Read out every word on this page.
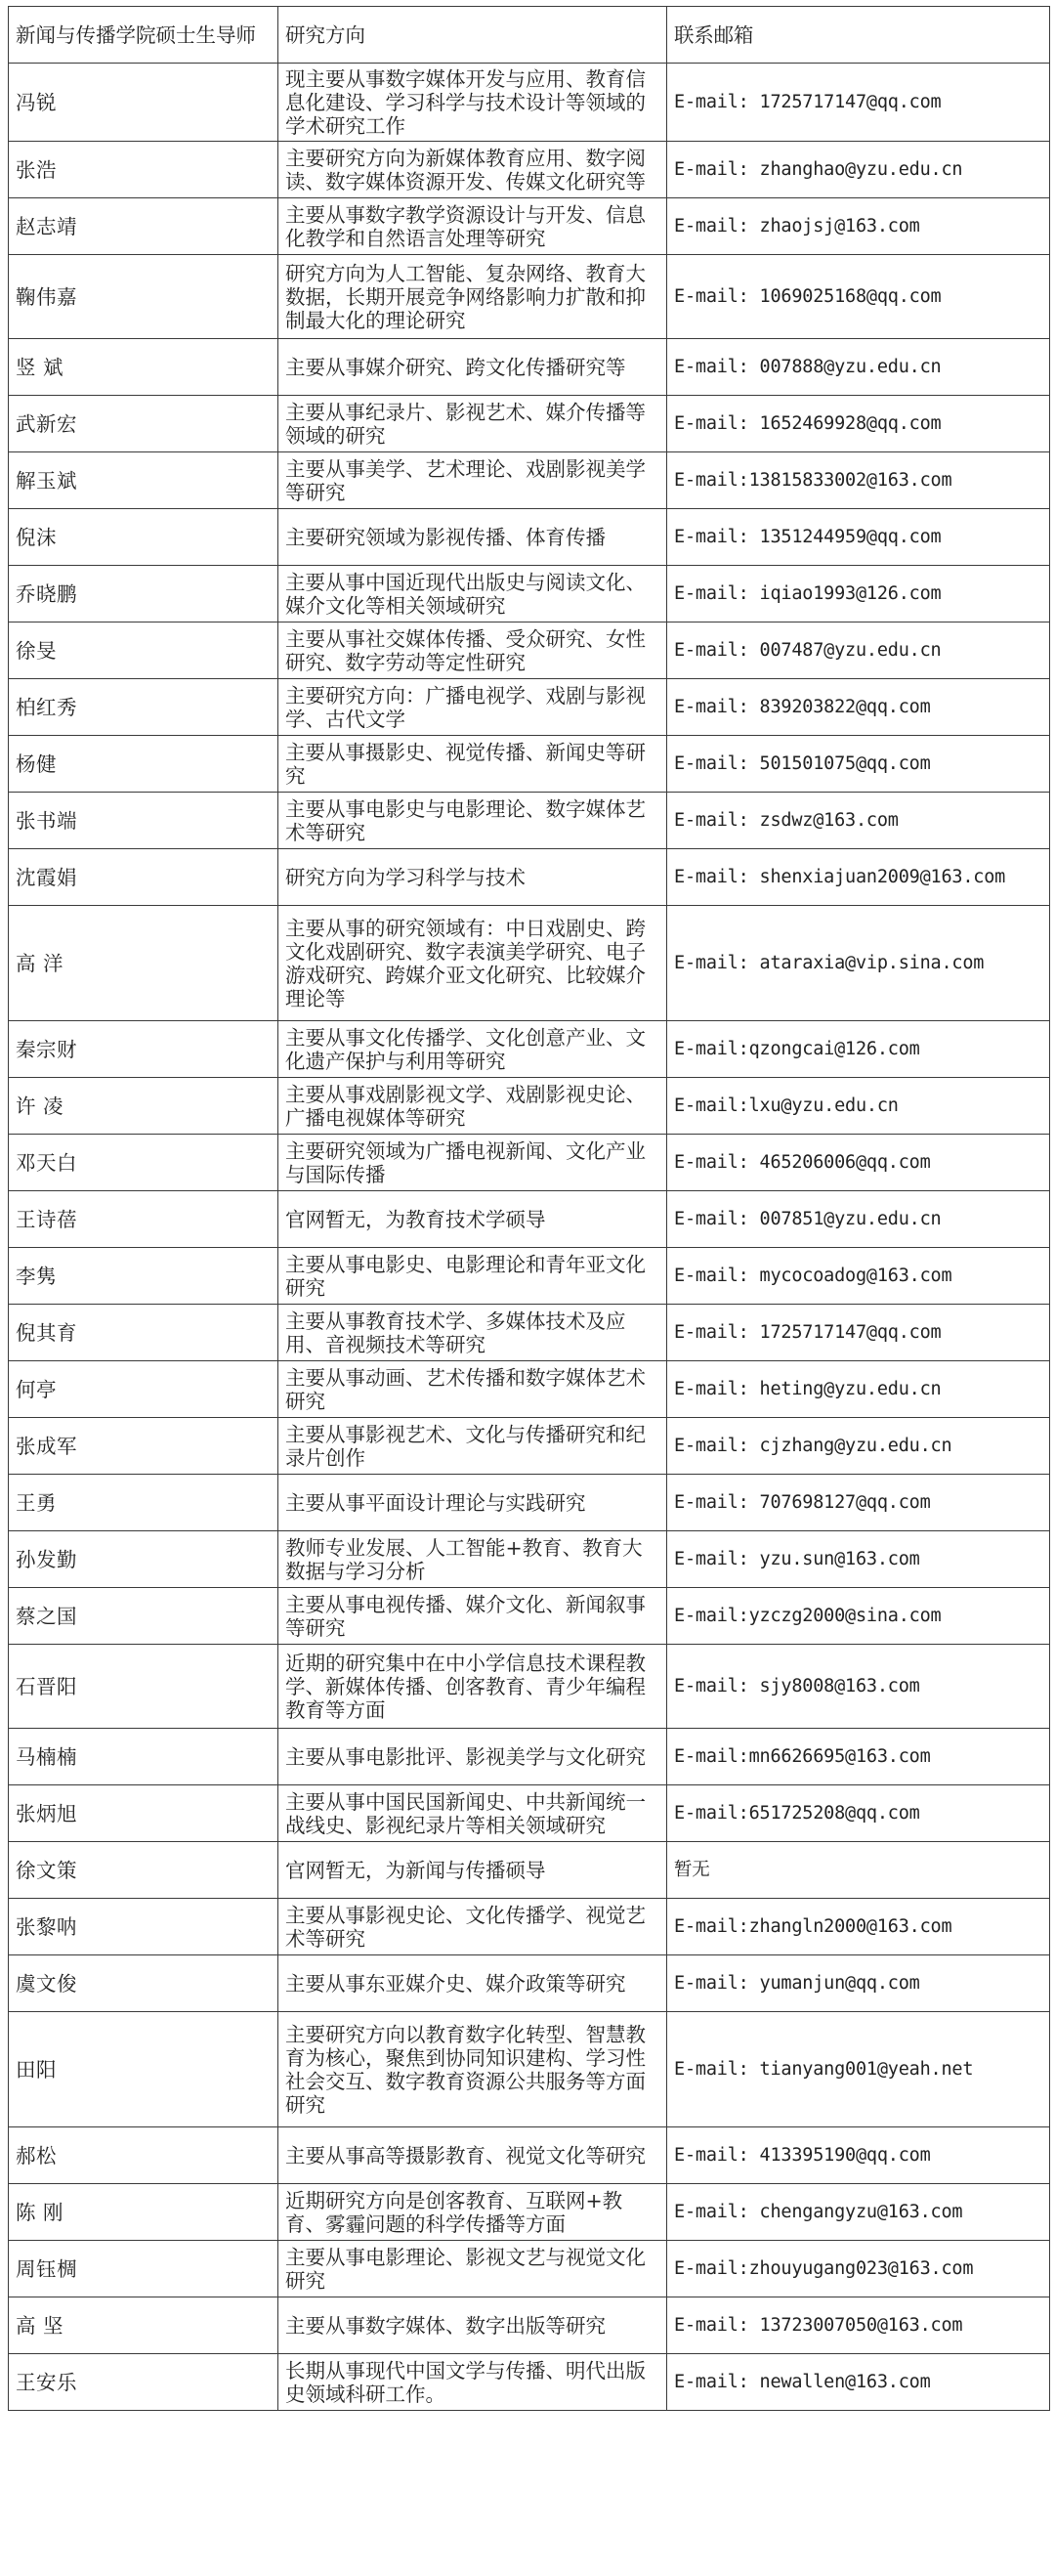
新闻与传播学院硕士生导师	研究方向	联系邮箱
冯锐	现主要从事数字媒体开发与应用、教育信息化建设、学习科学与技术设计等领域的学术研究工作	E-mail: 1725717147@qq.com
张浩	主要研究方向为新媒体教育应用、数字阅读、数字媒体资源开发、传媒文化研究等	E-mail: zhanghao@yzu.edu.cn
赵志靖	主要从事数字教学资源设计与开发、信息化教学和自然语言处理等研究	E-mail: zhaojsj@163.com
鞠伟嘉	研究方向为人工智能、复杂网络、教育大数据，长期开展竞争网络影响力扩散和抑制最大化的理论研究	E-mail: 1069025168@qq.com
竖 斌	主要从事媒介研究、跨文化传播研究等	E-mail: 007888@yzu.edu.cn
武新宏	主要从事纪录片、影视艺术、媒介传播等领域的研究	E-mail: 1652469928@qq.com
解玉斌	主要从事美学、艺术理论、戏剧影视美学等研究	E-mail:13815833002@163.com
倪沫	主要研究领域为影视传播、体育传播	E-mail: 1351244959@qq.com
乔晓鹏	主要从事中国近现代出版史与阅读文化、媒介文化等相关领域研究	E-mail: iqiao1993@126.com
徐旻	主要从事社交媒体传播、受众研究、女性研究、数字劳动等定性研究	E-mail: 007487@yzu.edu.cn
柏红秀	主要研究方向：广播电视学、戏剧与影视学、古代文学	E-mail: 839203822@qq.com
杨健	主要从事摄影史、视觉传播、新闻史等研究	E-mail: 501501075@qq.com
张书端	主要从事电影史与电影理论、数字媒体艺术等研究	E-mail: zsdwz@163.com
沈霞娟	研究方向为学习科学与技术	E-mail: shenxiajuan2009@163.com
高 洋	主要从事的研究领域有：中日戏剧史、跨文化戏剧研究、数字表演美学研究、电子游戏研究、跨媒介亚文化研究、比较媒介理论等	E-mail: ataraxia@vip.sina.com
秦宗财	主要从事文化传播学、文化创意产业、文化遗产保护与利用等研究	E-mail:qzongcai@126.com
许 凌	主要从事戏剧影视文学、戏剧影视史论、广播电视媒体等研究	E-mail:lxu@yzu.edu.cn
邓天白	主要研究领域为广播电视新闻、文化产业与国际传播	E-mail: 465206006@qq.com
王诗蓓	官网暂无，为教育技术学硕导	E-mail: 007851@yzu.edu.cn
李隽	主要从事电影史、电影理论和青年亚文化研究	E-mail: mycocoadog@163.com
倪其育	主要从事教育技术学、多媒体技术及应用、音视频技术等研究	E-mail: 1725717147@qq.com
何亭	主要从事动画、艺术传播和数字媒体艺术研究	E-mail: heting@yzu.edu.cn
张成军	主要从事影视艺术、文化与传播研究和纪录片创作	E-mail: cjzhang@yzu.edu.cn
王勇	主要从事平面设计理论与实践研究	E-mail: 707698127@qq.com
孙发勤	教师专业发展、人工智能+教育、教育大数据与学习分析	E-mail: yzu.sun@163.com
蔡之国	主要从事电视传播、媒介文化、新闻叙事等研究	E-mail:yzczg2000@sina.com
石晋阳	近期的研究集中在中小学信息技术课程教学、新媒体传播、创客教育、青少年编程教育等方面	E-mail: sjy8008@163.com
马楠楠	主要从事电影批评、影视美学与文化研究	E-mail:mn6626695@163.com
张炳旭	主要从事中国民国新闻史、中共新闻统一战线史、影视纪录片等相关领域研究	E-mail:651725208@qq.com
徐文策	官网暂无，为新闻与传播硕导	暂无
张黎呐	主要从事影视史论、文化传播学、视觉艺术等研究	E-mail:zhangln2000@163.com
虞文俊	主要从事东亚媒介史、媒介政策等研究	E-mail: yumanjun@qq.com
田阳	主要研究方向以教育数字化转型、智慧教育为核心，聚焦到协同知识建构、学习性社会交互、数字教育资源公共服务等方面研究	E-mail: tianyang001@yeah.net
郝松	主要从事高等摄影教育、视觉文化等研究	E-mail: 413395190@qq.com
陈 刚	近期研究方向是创客教育、互联网+教育、雾霾问题的科学传播等方面	E-mail: chengangyzu@163.com
周钰椆	主要从事电影理论、影视文艺与视觉文化研究	E-mail:zhouyugang023@163.com
高 坚	主要从事数字媒体、数字出版等研究	E-mail: 13723007050@163.com
王安乐	长期从事现代中国文学与传播、明代出版史领域科研工作。	E-mail: newallen@163.com
